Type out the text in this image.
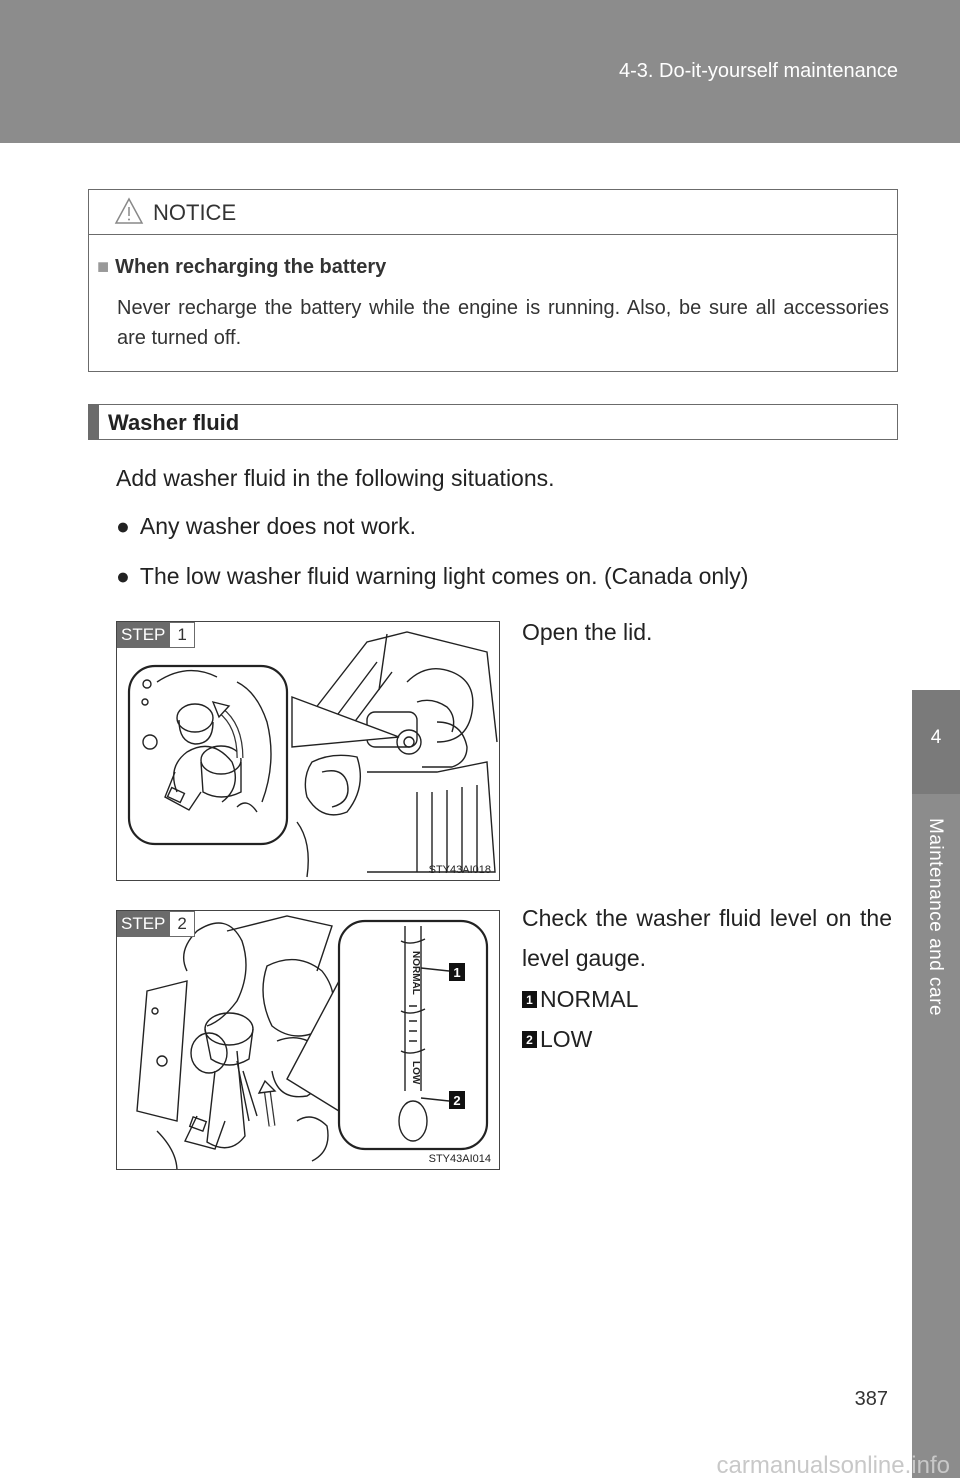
4-3. Do-it-yourself maintenance
4
Maintenance and care
NOTICE
■ When recharging the battery
Never recharge the battery while the engine is running. Also, be sure all accessories are turned off.
Washer fluid
Add washer fluid in the following situations.
● Any washer does not work.
● The low washer fluid warning light comes on. (Canada only)
STEP 1
STY43AI018
Open the lid.
STEP 2
NORMAL
LOW
1
2
STY43AI014
Check the washer fluid level on the level gauge.
1 NORMAL
2 LOW
387
carmanualsonline.info
